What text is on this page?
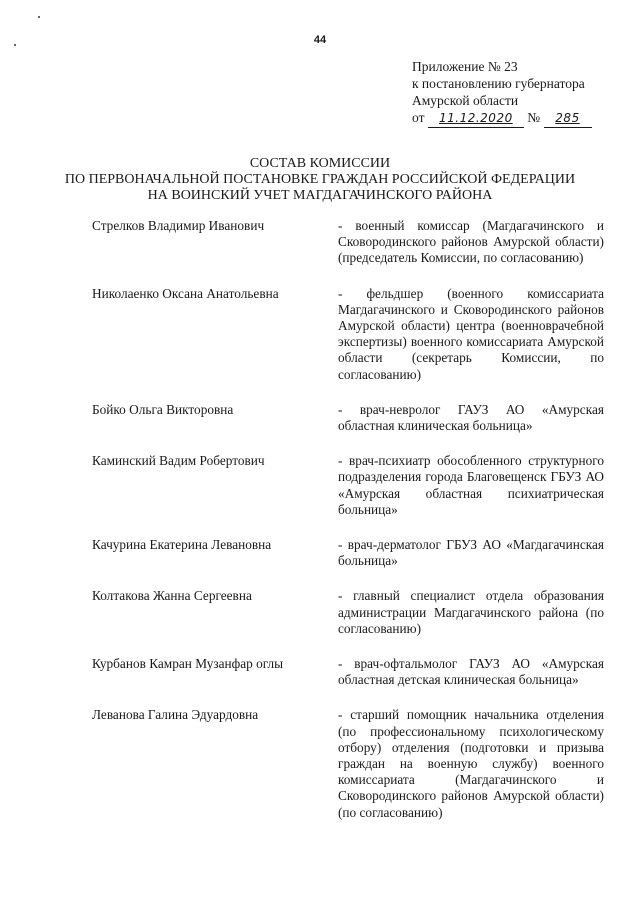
44
Приложение № 23
к постановлению губернатора
Амурской области
от 11.12.2020 № 285
СОСТАВ КОМИССИИ
ПО ПЕРВОНАЧАЛЬНОЙ ПОСТАНОВКЕ ГРАЖДАН РОССИЙСКОЙ ФЕДЕРАЦИИ
НА ВОИНСКИЙ УЧЕТ МАГДАГАЧИНСКОГО РАЙОНА
Стрелков Владимир Иванович	- военный комиссар (Магдагачинского и Сковородинского районов Амурской области) (председатель Комиссии, по согласованию)
Николаенко Оксана Анатольевна	- фельдшер (военного комиссариата Магдагачинского и Сковородинского районов Амурской области) центра (военноврачебной экспертизы) военного комиссариата Амурской области (секретарь Комиссии, по согласованию)
Бойко Ольга Викторовна	- врач-невролог ГАУЗ АО «Амурская областная клиническая больница»
Каминский Вадим Робертович	- врач-психиатр обособленного структурного подразделения города Благовещенск ГБУЗ АО «Амурская областная психиатрическая больница»
Качурина Екатерина Левановна	- врач-дерматолог ГБУЗ АО «Магдагачинская больница»
Колтакова Жанна Сергеевна	- главный специалист отдела образования администрации Магдагачинского района (по согласованию)
Курбанов Камран Музанфар оглы	- врач-офтальмолог ГАУЗ АО «Амурская областная детская клиническая больница»
Леванова Галина Эдуардовна	- старший помощник начальника отделения (по профессиональному психологическому отбору) отделения (подготовки и призыва граждан на военную службу) военного комиссариата (Магдагачинского и Сковородинского районов Амурской области) (по согласованию)
